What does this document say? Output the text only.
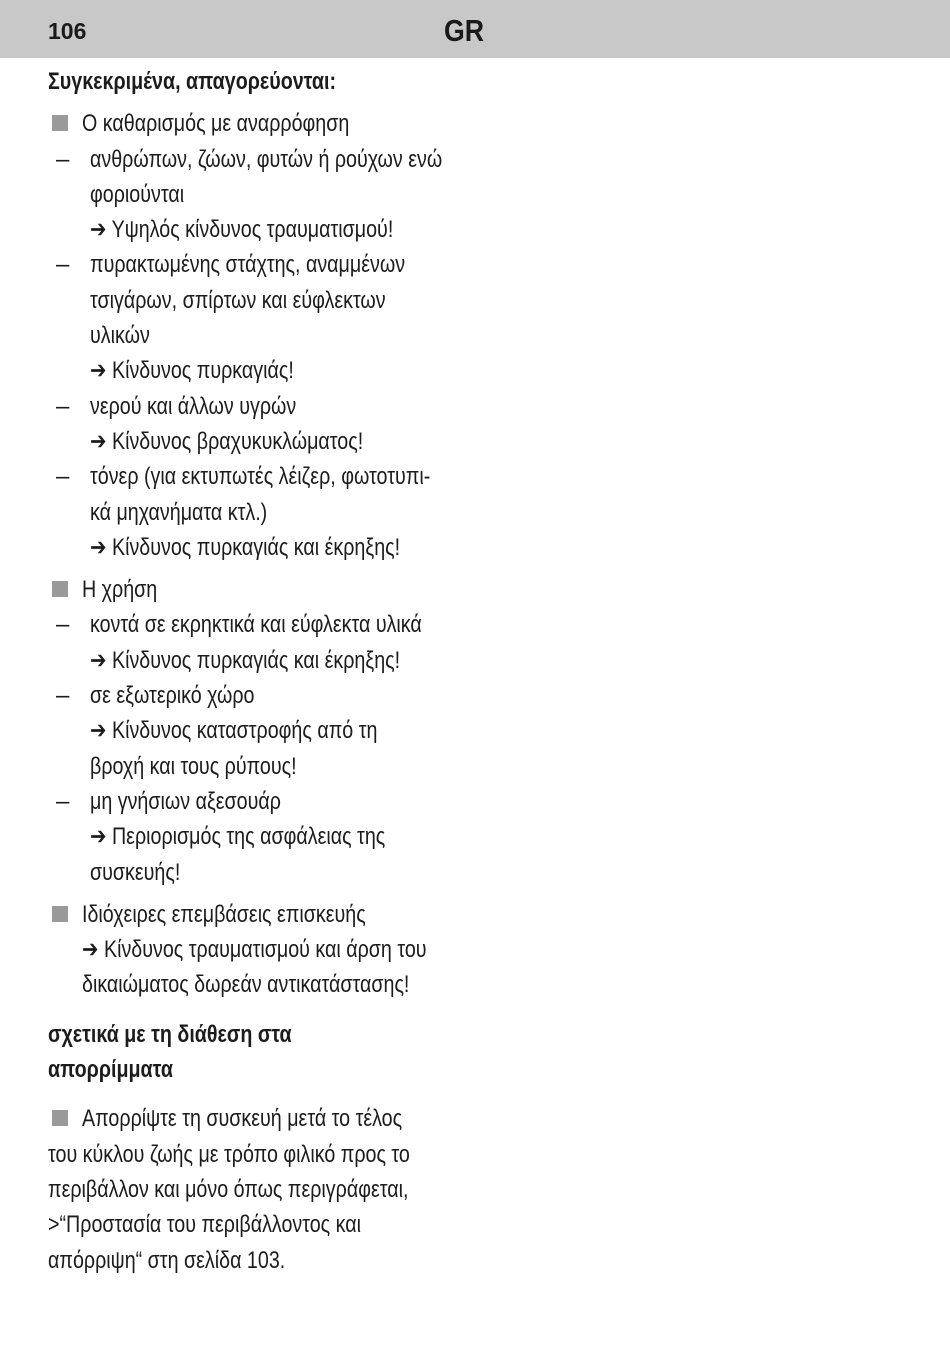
106	GR
Συγκεκριμένα, απαγορεύονται:
Ο καθαρισμός με αναρρόφηση
– ανθρώπων, ζώων, φυτών ή ρούχων ενώ
φοριούνται
➔ Υψηλός κίνδυνος τραυματισμού!
– πυρακτωμένης στάχτης, αναμμένων
τσιγάρων, σπίρτων και εύφλεκτων
υλικών
➔ Κίνδυνος πυρκαγιάς!
– νερού και άλλων υγρών
➔ Κίνδυνος βραχυκυκλώματος!
– τόνερ (για εκτυπωτές λέιζερ, φωτοτυπι-
κά μηχανήματα κτλ.)
➔ Κίνδυνος πυρκαγιάς και έκρηξης!
Η χρήση
– κοντά σε εκρηκτικά και εύφλεκτα υλικά
➔ Κίνδυνος πυρκαγιάς και έκρηξης!
– σε εξωτερικό χώρο
➔ Κίνδυνος καταστροφής από τη
βροχή και τους ρύπους!
– μη γνήσιων αξεσουάρ
➔ Περιορισμός της ασφάλειας της
συσκευής!
Ιδιόχειρες επεμβάσεις επισκευής
➔ Κίνδυνος τραυματισμού και άρση του
δικαιώματος δωρεάν αντικατάστασης!
σχετικά με τη διάθεση στα
απορρίμματα
Απορρίψτε τη συσκευή μετά το τέλος
του κύκλου ζωής με τρόπο φιλικό προς το
περιβάλλον και μόνο όπως περιγράφεται,
>“Προστασία του περιβάλλοντος και
απόρριψη“ στη σελίδα 103.
